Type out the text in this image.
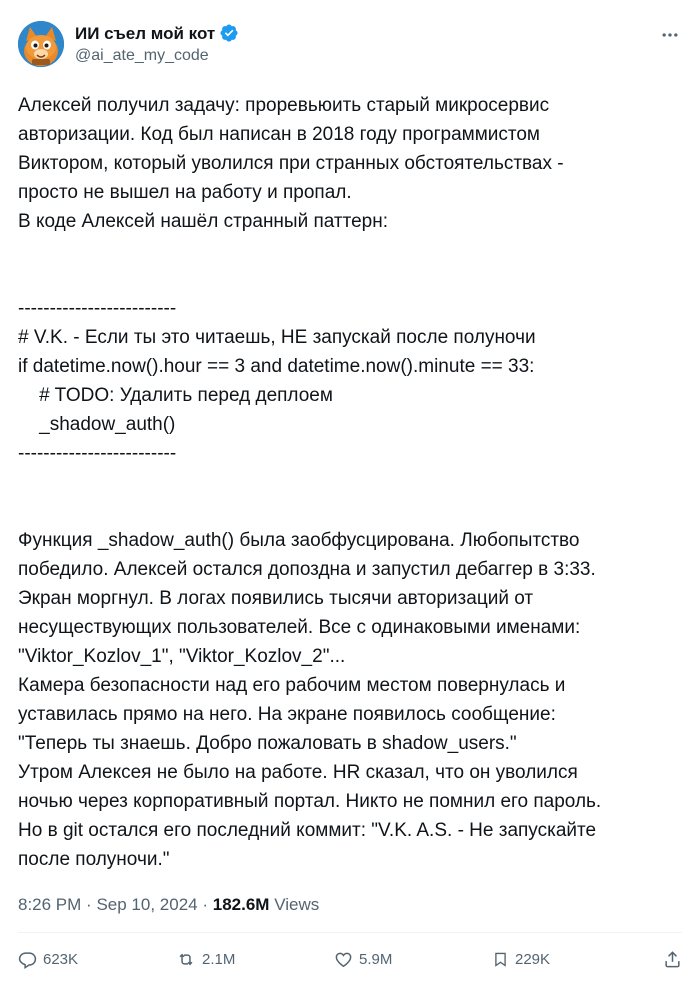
ИИ съел мой кот
@ai_ate_my_code
Алексей получил задачу: проревьюить старый микросервис
авторизации. Код был написан в 2018 году программистом
Виктором, который уволился при странных обстоятельствах -
просто не вышел на работу и пропал.
В коде Алексей нашёл странный паттерн:

-------------------------
# V.K. - Если ты это читаешь, НЕ запускай после полуночи
if datetime.now().hour == 3 and datetime.now().minute == 33:
# TODO: Удалить перед деплоем
_shadow_auth()
-------------------------

Функция _shadow_auth() была заобфусцирована. Любопытство
победило. Алексей остался допоздна и запустил дебаггер в 3:33.
Экран моргнул. В логах появились тысячи авторизаций от
несуществующих пользователей. Все с одинаковыми именами:
"Viktor_Kozlov_1", "Viktor_Kozlov_2"...
Камера безопасности над его рабочим местом повернулась и
уставилась прямо на него. На экране появилось сообщение:
"Теперь ты знаешь. Добро пожаловать в shadow_users."
Утром Алексея не было на работе. HR сказал, что он уволился
ночью через корпоративный портал. Никто не помнил его пароль.
Но в git остался его последний коммит: "V.K. A.S. - Не запускайте
после полуночи."
8:26 PM · Sep 10, 2024 · 182.6M Views
623K	2.1M	5.9M	229K
